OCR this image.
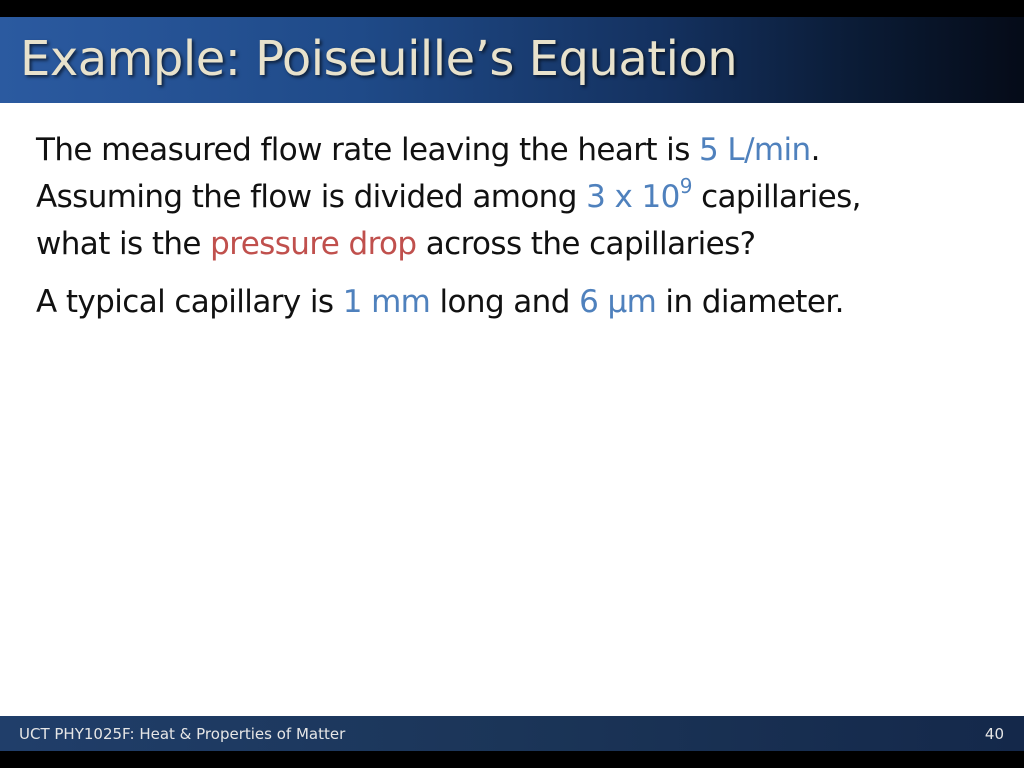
Example: Poiseuille’s Equation
The measured flow rate leaving the heart is 5 L/min.
Assuming the flow is divided among 3 x $10^9$ capillaries,
what is the pressure drop across the capillaries?
A typical capillary is 1 mm long and 6 µm in diameter.
UCT PHY1025F: Heat & Properties of Matter	40
